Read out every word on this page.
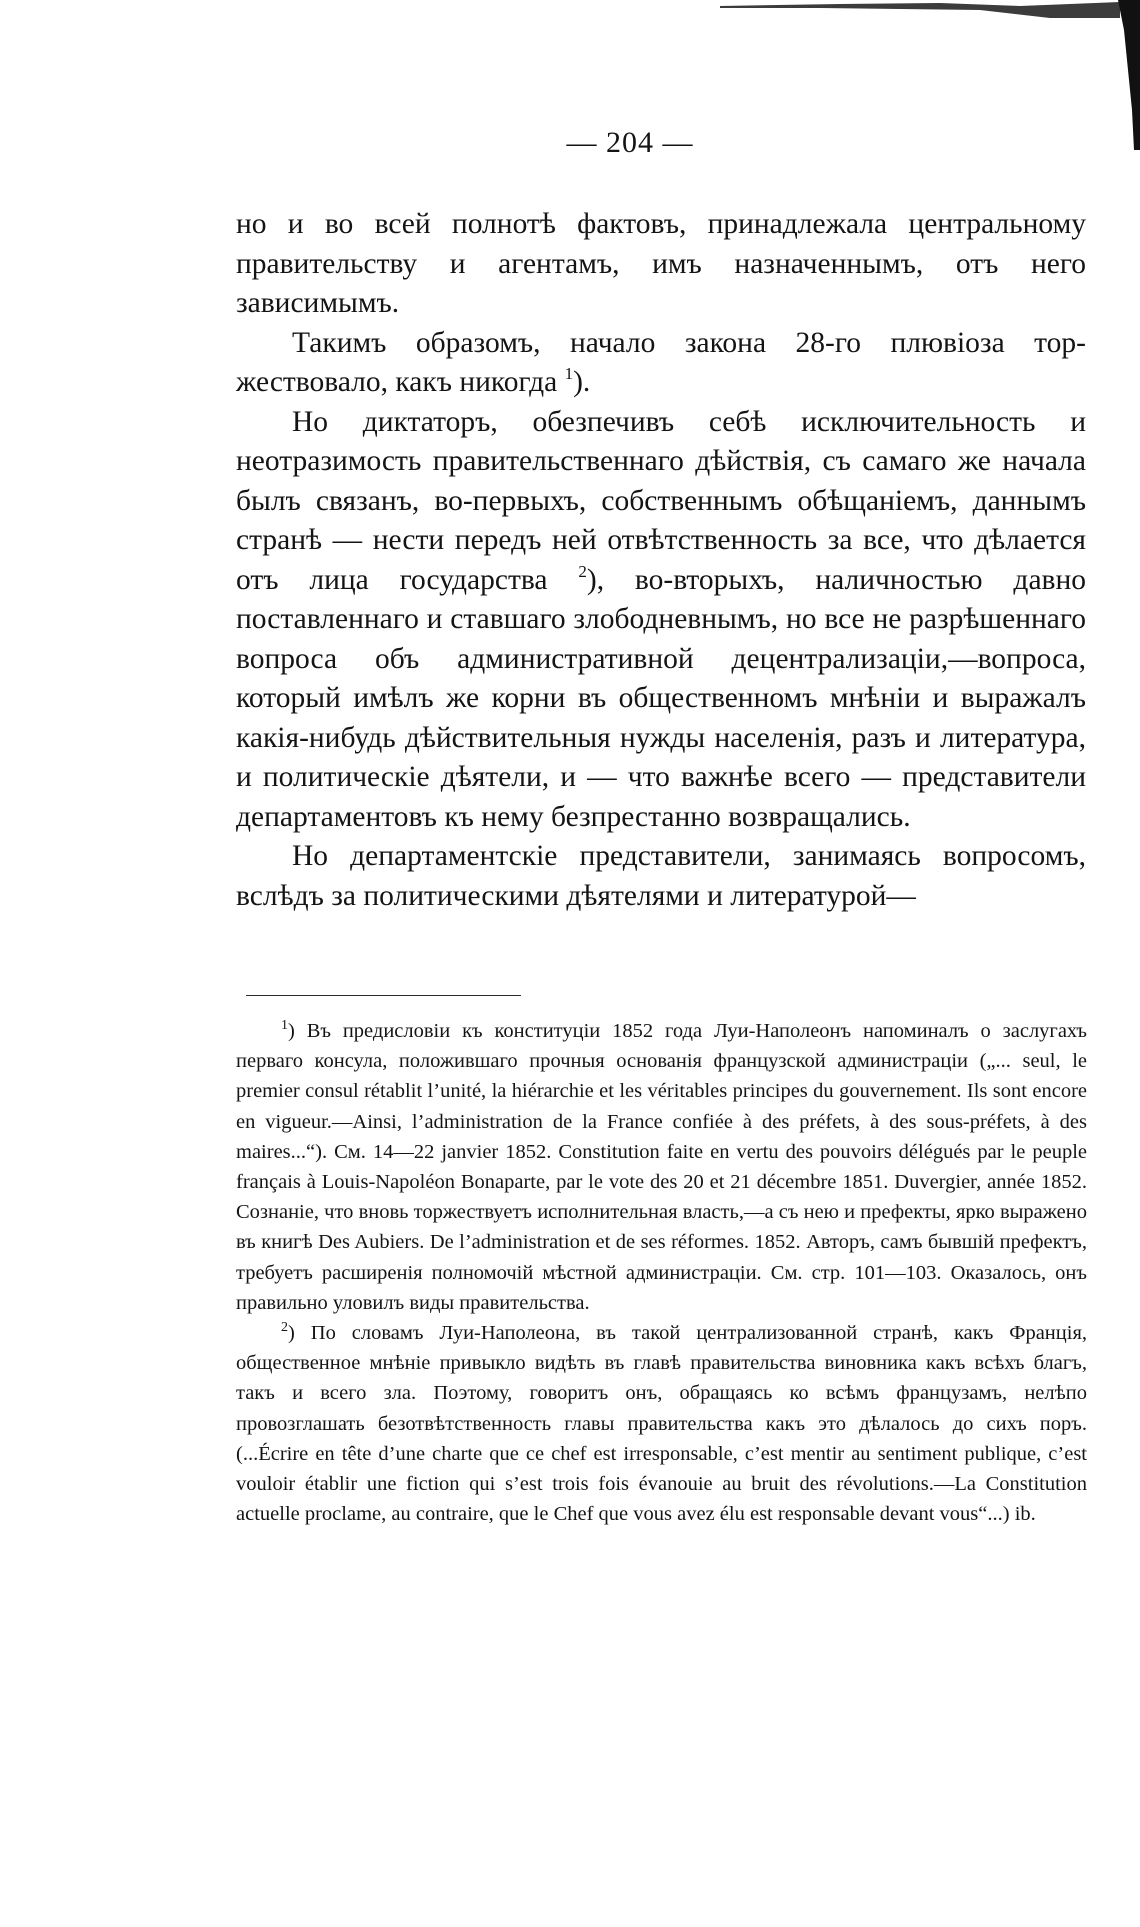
— 204 —

но и во всей полнотѣ фактовъ, принадлежала центральному правительству и агентамъ, имъ назначеннымъ, отъ него зависимымъ.

Такимъ образомъ, начало закона 28-го плювіоза торжествовало, какъ никогда $^1$).

Но диктаторъ, обезпечивъ себѣ исключительность и неотразимость правительственнаго дѣйствія, съ самаго же начала былъ связанъ, во-первыхъ, собственнымъ обѣщаніемъ, даннымъ странѣ — нести передъ ней отвѣтственность за все, что дѣлается отъ лица государства $^2$), во-вторыхъ, наличностью давно поставленнаго и ставшаго злободневнымъ, но все не разрѣшеннаго вопроса объ административной децентрализаціи,—вопроса, который имѣлъ же корни въ общественномъ мнѣніи и выражалъ какія-нибудь дѣйствительныя нужды населенія, разъ и литература, и политическіе дѣятели, и — что важнѣе всего — представители департаментовъ къ нему безпрестанно возвращались.

Но департаментскіе представители, занимаясь вопросомъ, вслѣдъ за политическими дѣятелями и литературой—

$^1$) Въ предисловіи къ конституціи 1852 года Луи-Наполеонъ напоминалъ о заслугахъ перваго консула, положившаго прочныя основанія французской администраціи („... seul, le premier consul rétablit l’unité, la hiérarchie et les véritables principes du gouvernement. Ils sont encore en vigueur.—Ainsi, l’administration de la France confiée à des préfets, à des sous-préfets, à des maires...“). См. 14—22 janvier 1852. Constitution faite en vertu des pouvoirs délégués par le peuple français à Louis-Napoléon Bonaparte, par le vote des 20 et 21 décembre 1851. Duvergier, année 1852. Сознаніе, что вновь торжествуетъ исполнительная власть,—а съ нею и префекты, ярко выражено въ книгѣ Des Aubiers. De l’administration et de ses réformes. 1852. Авторъ, самъ бывшій префектъ, требуетъ расширенія полномочій мѣстной администраціи. См. стр. 101—103. Оказалось, онъ правильно уловилъ виды правительства.

$^2$) По словамъ Луи-Наполеона, въ такой централизованной странѣ, какъ Франція, общественное мнѣніе привыкло видѣть въ главѣ правительства виновника какъ всѣхъ благъ, такъ и всего зла. Поэтому, говоритъ онъ, обращаясь ко всѣмъ французамъ, нелѣпо провозглашать безотвѣтственность главы правительства какъ это дѣлалось до сихъ поръ. (...Écrire en tête d’une charte que ce chef est irresponsable, c’est mentir au sentiment publique, c’est vouloir établir une fiction qui s’est trois fois évanouie au bruit des révolutions.—La Constitution actuelle proclame, au contraire, que le Chef que vous avez élu est responsable devant vous“...) ib.
